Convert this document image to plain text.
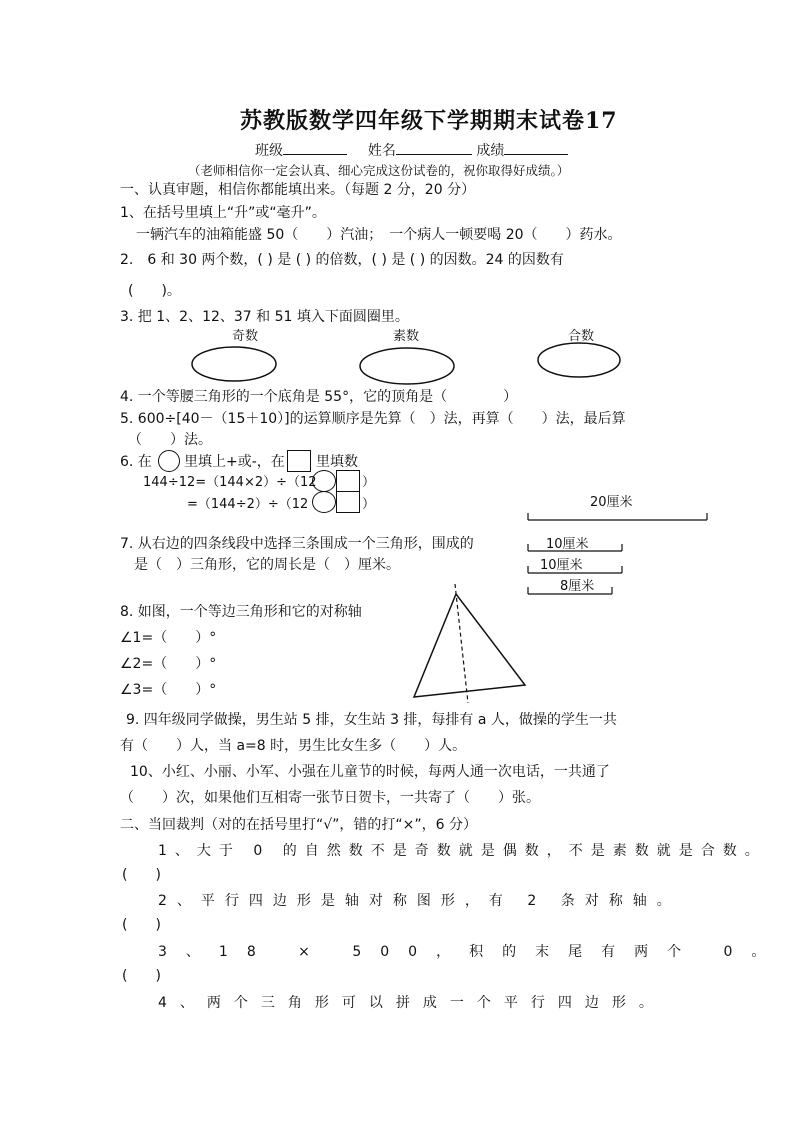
苏教版数学四年级下学期期末试卷17
班级	姓名	成绩
（老师相信你一定会认真、细心完成这份试卷的，祝你取得好成绩。）
一、认真审题，相信你都能填出来。（每题 2 分，20 分）
1、在括号里填上“升”或“毫升”。
一辆汽车的油箱能盛 50（　　）汽油；　一个病人一顿要喝 20（　　）药水。
2.　6 和 30 两个数，( ) 是 ( ) 的倍数，( ) 是 ( ) 的因数。24 的因数有
(　　)。
3. 把 1、2、12、37 和 51 填入下面圆圈里。
奇数	素数	合数
4. 一个等腰三角形的一个底角是 55°，它的顶角是（　　　　）
5. 600÷[40－（15＋10）]的运算顺序是先算（　）法，再算（　　）法，最后算
（　　）法。
6. 在 里填上+或-，在 里填数
144÷12=（144×2）÷（12	）
=（144÷2）÷（12	）	20厘米
10厘米
10厘米
8厘米
7. 从右边的四条线段中选择三条围成一个三角形，围成的
是（　）三角形，它的周长是（　）厘米。
8. 如图，一个等边三角形和它的对称轴
∠1=（　　）°
∠2=（　　）°
∠3=（　　）°
9. 四年级同学做操，男生站 5 排，女生站 3 排，每排有 a 人，做操的学生一共
有（　　）人，当 a=8 时，男生比女生多（　　）人。
10、小红、小丽、小军、小强在儿童节的时候，每两人通一次电话，一共通了
（　　）次，如果他们互相寄一张节日贺卡，一共寄了（　　）张。
二、当回裁判（对的在括号里打“√”，错的打“×”，6 分）
1、大于 0 的自然数不是奇数就是偶数，不是素数就是合数。
(　　)
2、平行四边形是轴对称图形，有 2 条对称轴。
(　　)
3、18 × 500，积的末尾有两个 0。
(　　)
4、两个三角形可以拼成一个平行四边形。
